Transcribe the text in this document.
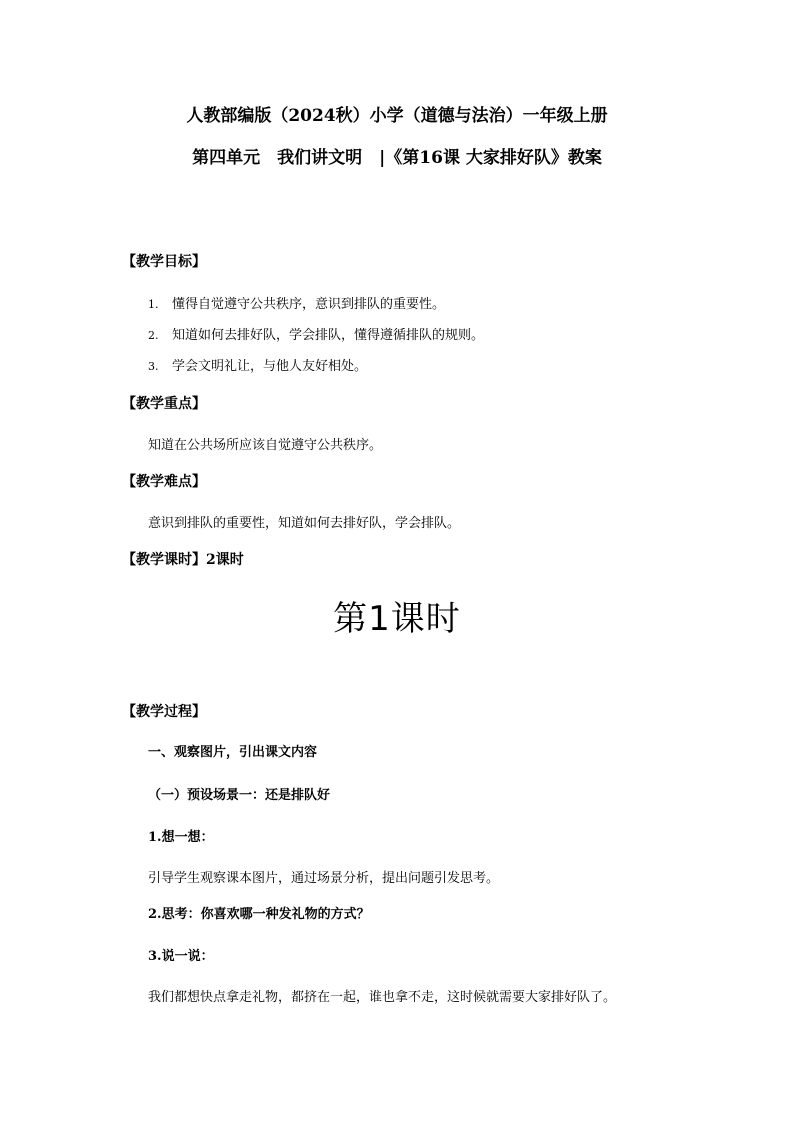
人教部编版（2024秋）小学（道德与法治）一年级上册
第四单元　我们讲文明　|《第16课 大家排好队》教案
【教学目标】
1. 懂得自觉遵守公共秩序，意识到排队的重要性。
2. 知道如何去排好队，学会排队，懂得遵循排队的规则。
3. 学会文明礼让，与他人友好相处。
【教学重点】
知道在公共场所应该自觉遵守公共秩序。
【教学难点】
意识到排队的重要性，知道如何去排好队，学会排队。
【教学课时】2课时
第1课时
【教学过程】
一、观察图片，引出课文内容
（一）预设场景一：还是排队好
1.想一想：
引导学生观察课本图片，通过场景分析，提出问题引发思考。
2.思考：你喜欢哪一种发礼物的方式？
3.说一说：
我们都想快点拿走礼物，都挤在一起，谁也拿不走，这时候就需要大家排好队了。
